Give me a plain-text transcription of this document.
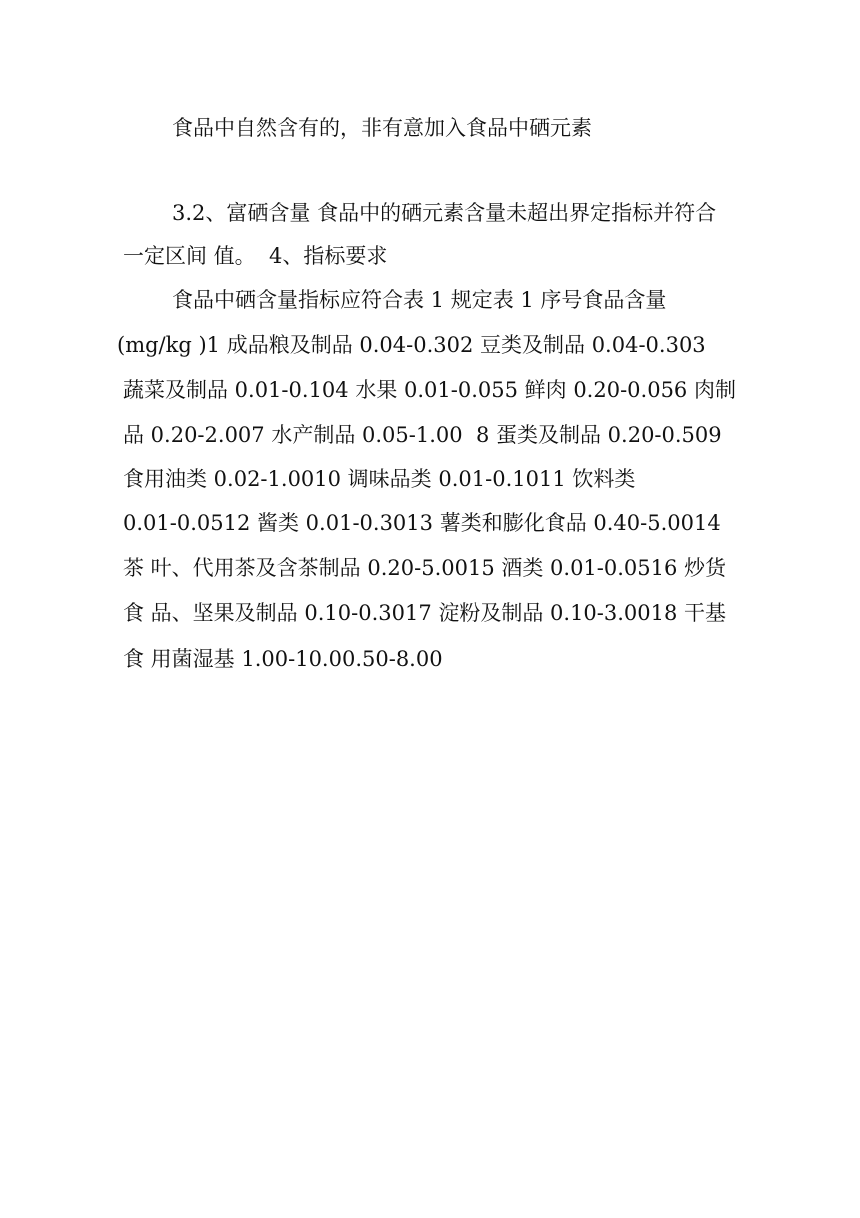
食品中自然含有的，非有意加入食品中硒元素
3.2、富硒含量 食品中的硒元素含量未超出界定指标并符合
一定区间 值。  4、指标要求
食品中硒含量指标应符合表 1 规定表 1 序号食品含量
(mg/kg )1 成品粮及制品 0.04-0.302 豆类及制品 0.04-0.303
蔬菜及制品 0.01-0.104 水果 0.01-0.055 鲜肉 0.20-0.056 肉制
品 0.20-2.007 水产制品 0.05-1.00  8 蛋类及制品 0.20-0.509
食用油类 0.02-1.0010 调味品类 0.01-0.1011 饮料类
0.01-0.0512 酱类 0.01-0.3013 薯类和膨化食品 0.40-5.0014
茶 叶、代用茶及含茶制品 0.20-5.0015 酒类 0.01-0.0516 炒货
食 品、坚果及制品 0.10-0.3017 淀粉及制品 0.10-3.0018 干基
食 用菌湿基 1.00-10.00.50-8.00
